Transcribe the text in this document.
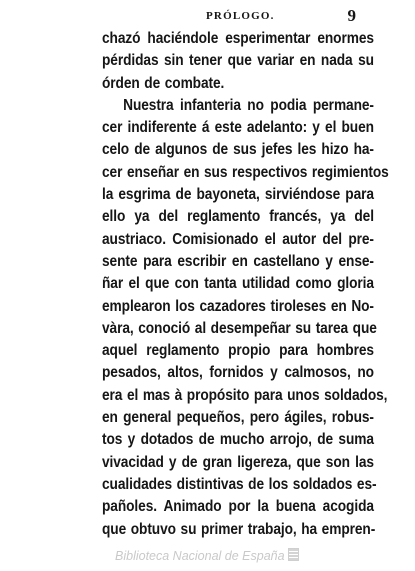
PRÓLOGO.	9
chazó haciéndole esperimentar enormes
pérdidas sin tener que variar en nada su
órden de combate.
Nuestra infanteria no podia permane-
cer indiferente á este adelanto: y el buen
celo de algunos de sus jefes les hizo ha-
cer enseñar en sus respectivos regimientos
la esgrima de bayoneta, sirviéndose para
ello ya del reglamento francés, ya del
austriaco. Comisionado el autor del pre-
sente para escribir en castellano y ense-
ñar el que con tanta utilidad como gloria
emplearon los cazadores tiroleses en No-
vàra, conoció al desempeñar su tarea que
aquel reglamento propio para hombres
pesados, altos, fornidos y calmosos, no
era el mas à propósito para unos soldados,
en general pequeños, pero ágiles, robus-
tos y dotados de mucho arrojo, de suma
vivacidad y de gran ligereza, que son las
cualidades distintivas de los soldados es-
pañoles. Animado por la buena acogida
que obtuvo su primer trabajo, ha empren-
Biblioteca Nacional de España
